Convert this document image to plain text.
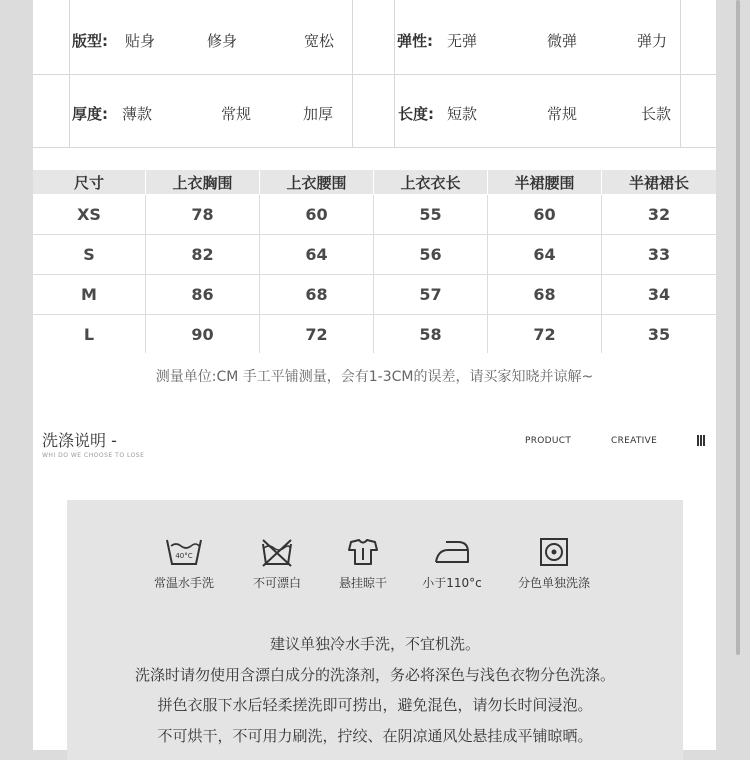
版型: 贴身	修身	宽松	弹性: 无弹	微弹	弹力
厚度: 薄款	常规	加厚	长度: 短款	常规	长款
尺寸	上衣胸围	上衣腰围	上衣衣长	半裙腰围	半裙裙长
XS	78	60	55	60	32
S	82	64	56	64	33
M	86	68	57	68	34
L	90	72	58	72	35
测量单位:CM 手工平铺测量，会有1-3CM的误差，请买家知晓并谅解~
洗涤说明 -
WHI DO WE CHOOSE TO LOSE
PRODUCT	CREATIVE
40°C
常温水手洗	不可漂白	悬挂晾干	小于110°c	分色单独洗涤
建议单独冷水手洗，不宜机洗。
洗涤时请勿使用含漂白成分的洗涤剂，务必将深色与浅色衣物分色洗涤。
拼色衣服下水后轻柔搓洗即可捞出，避免混色，请勿长时间浸泡。
不可烘干，不可用力刷洗，拧绞、在阴凉通风处悬挂成平铺晾晒。
